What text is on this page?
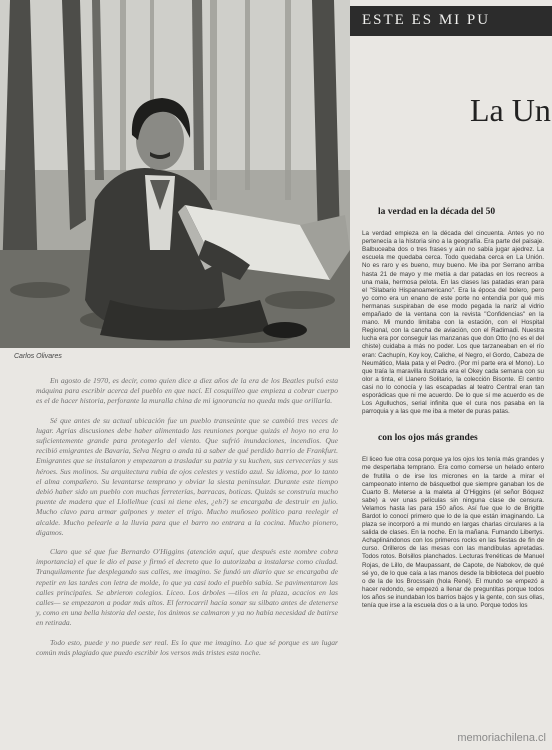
Carlos Olivares
ESTE ES MI PU
La Un

En agosto de 1970, es decir, como quien dice a diez años de la era de los Beatles pulsó esta máquina para escribir acerca del pueblo en que nací. El cosquilleo que empieza a cobrar cuerpo es el de hacer historia, perforante la muralla china de mi ignorancia no queda más que orillarla.

Sé que antes de su actual ubicación fue un pueblo transeúnte que se cambió tres veces de lugar. Agrias discusiones debe haber alimentado las reuniones porque quizás el hoyo no era lo suficientemente grande para protegerlo del viento. Que sufrió inundaciones, incendios. Que recibió emigrantes de Bavaria, Selva Negra o anda tú a saber de qué perdido barrio de Frankfurt. Emigrantes que se instalaron y empezaron a trasladar su patria y su kuchen, sus cervecerías y sus héroes. Sus molinos. Su arquitectura rubia de ojos celestes y vestido azul. Su idioma, por lo tanto el alma compañero. Su levantarse temprano y obviar la siesta peninsular. Durante este tiempo debió haber sido un pueblo con muchas ferreterías, barracas, boticas. Quizás se construía mucho puente de madera que el Llollelhue (casi ni tiene eles, ¿eh?) se encargaba de destruir en julio. Mucho clavo para armar galpones y meter el trigo. Mucho muñoseo político para reelegir el alcalde. Mucho pelearle a la lluvia para que el barro no entrara a la cocina. Mucho pionero, digamos.

Claro que sé que fue Bernardo O'Higgins (atención aquí, que después este nombre cobra importancia) el que le dio el pase y firmó el decreto que lo autorizaba a instalarse como ciudad. Tranquilamente fue desplegando sus calles, me imagino. Se fundó un diario que se encargaba de repetir en las tardes con letra de molde, lo que ya casi todo el pueblo sabía. Se pavimentaron las calles principales. Se abrieron colegios. Liceo. Los árboles —tilos en la plaza, acacios en las calles— se empezaron a podar más altos. El ferrocarril hacía sonar su silbato antes de detenerse y, como en una bella historia del oeste, los ánimos se calmaron y ya no había necesidad de batirse en retirada.

Todo esto, puede y no puede ser real. Es lo que me imagino. Lo que sé porque es un lugar común más plagiado que puedo escribir los versos más tristes esta noche.

la verdad en la década del 50

La verdad empieza en la década del cincuenta. Antes yo no pertenecía a la historia sino a la geografía. Era parte del paisaje. Balbuceaba dos o tres frases y aún no sabía jugar ajedrez. La escuela me quedaba cerca. Todo quedaba cerca en La Unión. No es raro y es bueno, muy bueno. Me iba por Serrano arriba hasta 21 de mayo y me metía a dar patadas en los recreos a una mala, hermosa pelota. En las clases las patadas eran para el "Silabario Hispanoamericano". Era la época del bolero, pero yo como era un enano de este porte no entendía por qué mis hermanas suspiraban de ese modo pegada la nariz al vidrio empañado de la ventana con la revista "Confidencias" en la mano. Mi mundo limitaba con la estación, con el Hospital Regional, con la cancha de aviación, con el Radimadi. Nuestra lucha era por conseguir las manzanas que don Otto (no es el del chiste) cuidaba a más no poder. Los que tarzaneaban en el río eran: Cachupín, Koy koy, Caliche, el Negro, el Gordo, Cabeza de Neumático, Mala pata y el Pedro. (Por mí parte era el Mono). Lo que traía la maravilla ilustrada era el Okey cada semana con su olor a tinta, el Llanero Solitario, la colección Bisonte. El centro casi no lo conocía y las escapadas al teatro Central eran tan esporádicas que ni me acuerdo. De lo que sí me acuerdo es de Los Agulluchos, serial infinita que el cura nos pasaba en la parroquia y a las que me iba a meter de puras patas.

con los ojos más grandes

El liceo fue otra cosa porque ya los ojos los tenía más grandes y me despertaba temprano. Era como comerse un helado entero de frutilla o de irse los micrones en la tarde a mirar el campeonato interno de básquetbol que siempre ganaban los de Cuarto B. Meterse a la maleta al O'Higgins (el señor Bóquez sabe) a ver unas películas sin ninguna clase de censura. Velamos hasta las para 150 años. Así fue que lo de Brigitte Bardot lo conocí primero que lo de la que están imaginando. La plaza se incorporó a mi mundo en largas charlas circulares a la salida de clases. En la noche. En la mañana. Fumando Libertys. Achaplinándonos con los primeros rocks en las fiestas de fin de curso. Orilleros de las mesas con las mandíbulas apretadas. Todos rotos. Bolsillos planchados. Lecturas frenéticas de Manuel Rojas, de Lillo, de Maupassant, de Capote, de Nabokov, de qué sé yo, de lo que caía a las manos desde la biblioteca del pueblo o de la de los Brocssain (hola René). El mundo se empezó a hacer redondo, se empezó a llenar de preguntitas porque todos los años se inundaban los barrios bajos y la gente, con sus ollas, tenía que irse a la escuela dos o a la uno. Porque todos los

memoriachilena.cl
